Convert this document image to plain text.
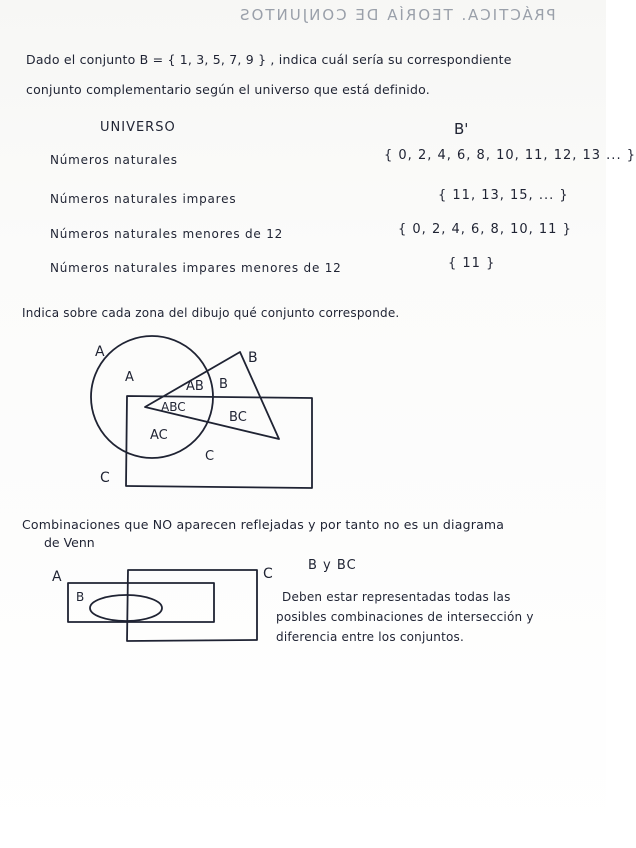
PRÁCTICA. TEORÍA DE CONJUNTOS
Dado el conjunto B = { 1, 3, 5, 7, 9 } , indica cuál sería su correspondiente
conjunto complementario según el universo que está definido.
UNIVERSO	B'
Números naturales	{ 0, 2, 4, 6, 8, 10, 11, 12, 13 ... }
Números naturales impares	{ 11, 13, 15, ... }
Números naturales menores de 12	{ 0, 2, 4, 6, 8, 10, 11 }
Números naturales impares menores de 12	{ 11 }
Indica sobre cada zona del dibujo qué conjunto corresponde.
A	B
C
A
AB B
ABC
BC
AC
C
A
B
C
Combinaciones que NO aparecen reflejadas y por tanto no es un diagrama
de Venn
B y BC
Deben estar representadas todas las
posibles combinaciones de intersección y
diferencia entre los conjuntos.
